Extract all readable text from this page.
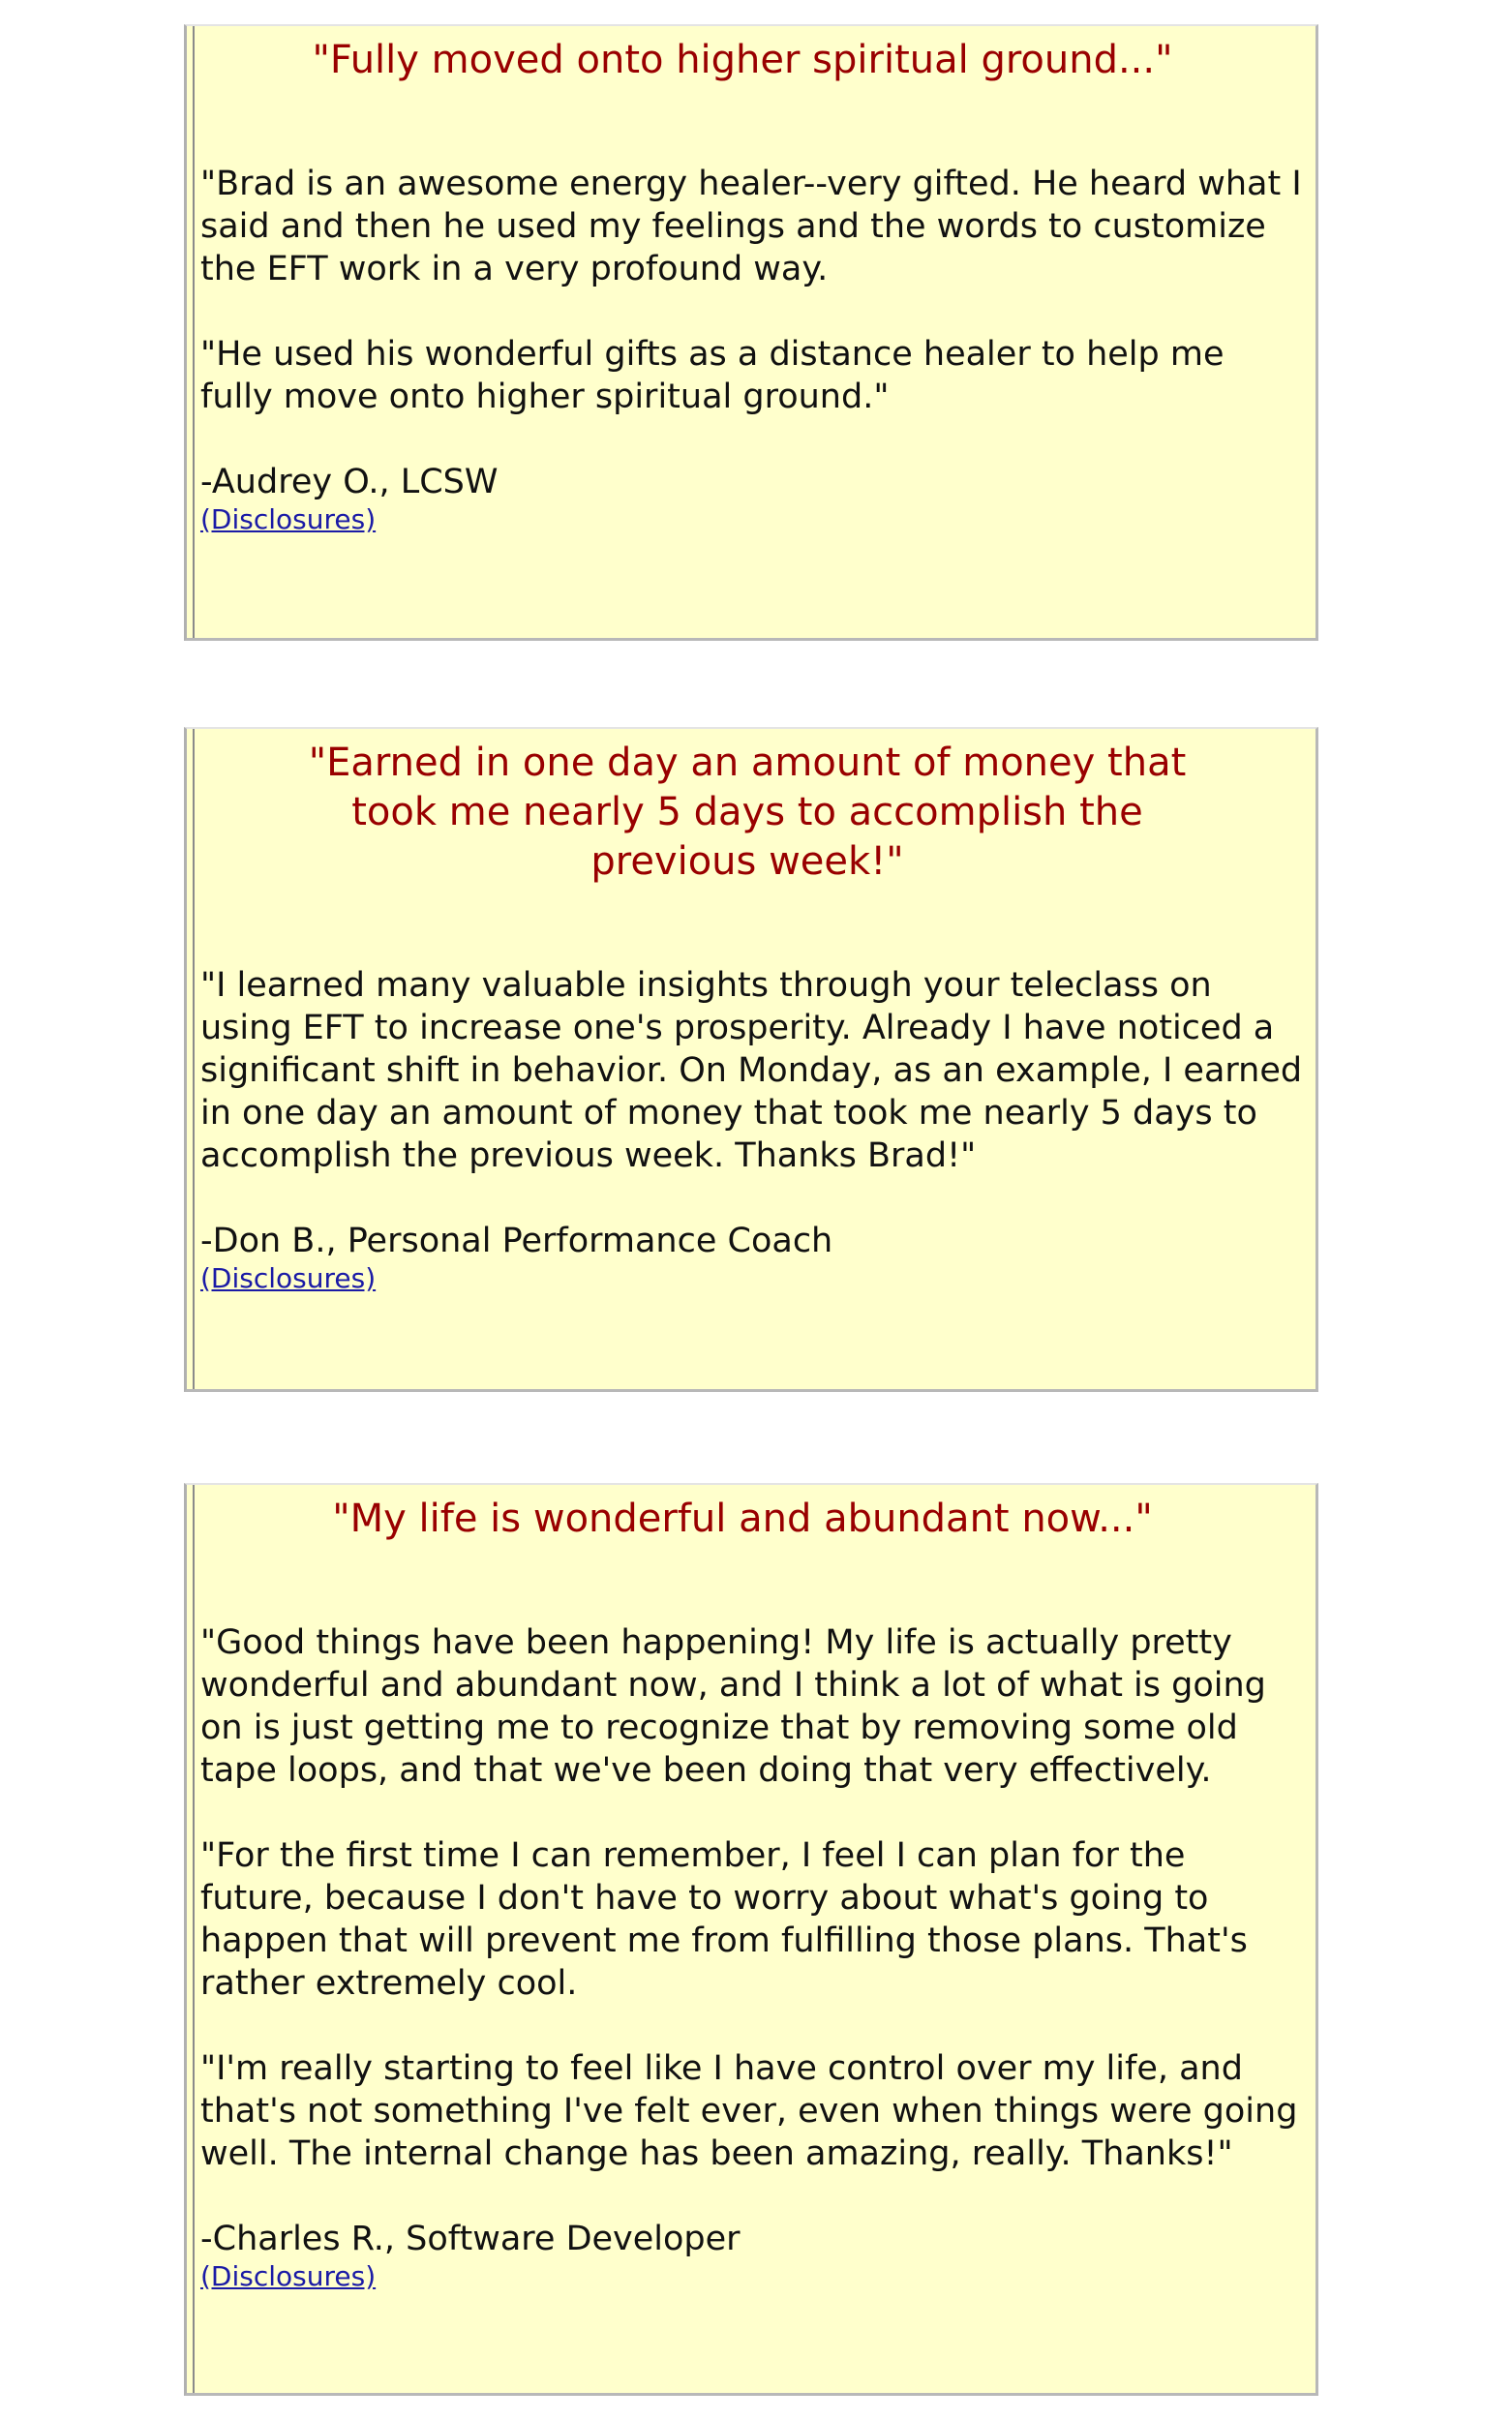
"Fully moved onto higher spiritual ground..."

"Brad is an awesome energy healer--very gifted. He heard what I said and then he used my feelings and the words to customize the EFT work in a very profound way.

"He used his wonderful gifts as a distance healer to help me fully move onto higher spiritual ground."

-Audrey O., LCSW

(Disclosures)
"Earned in one day an amount of money that took me nearly 5 days to accomplish the previous week!"

"I learned many valuable insights through your teleclass on using EFT to increase one's prosperity. Already I have noticed a significant shift in behavior. On Monday, as an example, I earned in one day an amount of money that took me nearly 5 days to accomplish the previous week. Thanks Brad!"

-Don B., Personal Performance Coach

(Disclosures)
"My life is wonderful and abundant now..."

"Good things have been happening! My life is actually pretty wonderful and abundant now, and I think a lot of what is going on is just getting me to recognize that by removing some old tape loops, and that we've been doing that very effectively.

"For the first time I can remember, I feel I can plan for the future, because I don't have to worry about what's going to happen that will prevent me from fulfilling those plans. That's rather extremely cool.

"I'm really starting to feel like I have control over my life, and that's not something I've felt ever, even when things were going well. The internal change has been amazing, really. Thanks!"

-Charles R., Software Developer

(Disclosures)
